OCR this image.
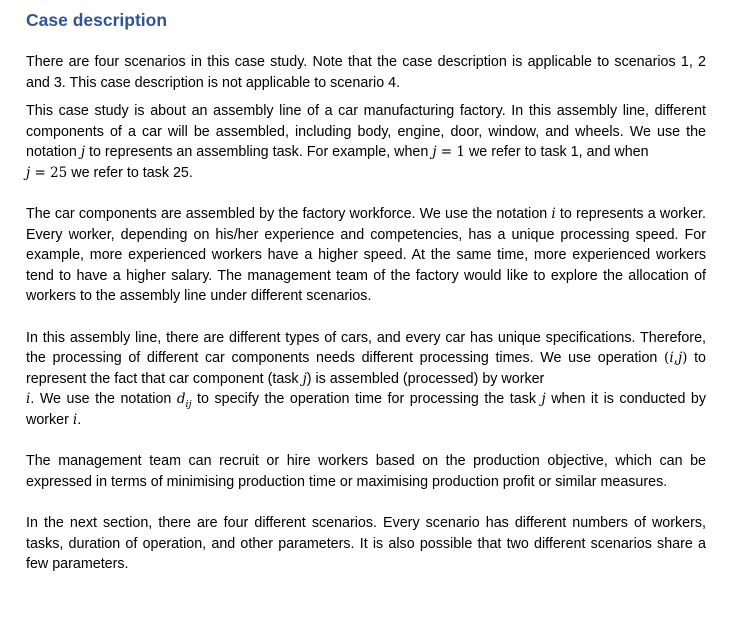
Case description

There are four scenarios in this case study. Note that the case description is applicable to scenarios 1, 2 and 3. This case description is not applicable to scenario 4.

This case study is about an assembly line of a car manufacturing factory. In this assembly line, different components of a car will be assembled, including body, engine, door, window, and wheels. We use the notation j to represents an assembling task. For example, when j = 1 we refer to task 1, and when
j = 25 we refer to task 25.

The car components are assembled by the factory workforce. We use the notation i to represents a worker. Every worker, depending on his/her experience and competencies, has a unique processing speed. For example, more experienced workers have a higher speed. At the same time, more experienced workers tend to have a higher salary. The management team of the factory would like to explore the allocation of workers to the assembly line under different scenarios.

In this assembly line, there are different types of cars, and every car has unique specifications. Therefore, the processing of different car components needs different processing times. We use operation (i,j) to represent the fact that car component (task j) is assembled (processed) by worker
i. We use the notation $d_{ij}$ to specify the operation time for processing the task j when it is conducted by worker i.

The management team can recruit or hire workers based on the production objective, which can be expressed in terms of minimising production time or maximising production profit or similar measures.

In the next section, there are four different scenarios. Every scenario has different numbers of workers, tasks, duration of operation, and other parameters. It is also possible that two different scenarios share a few parameters.
